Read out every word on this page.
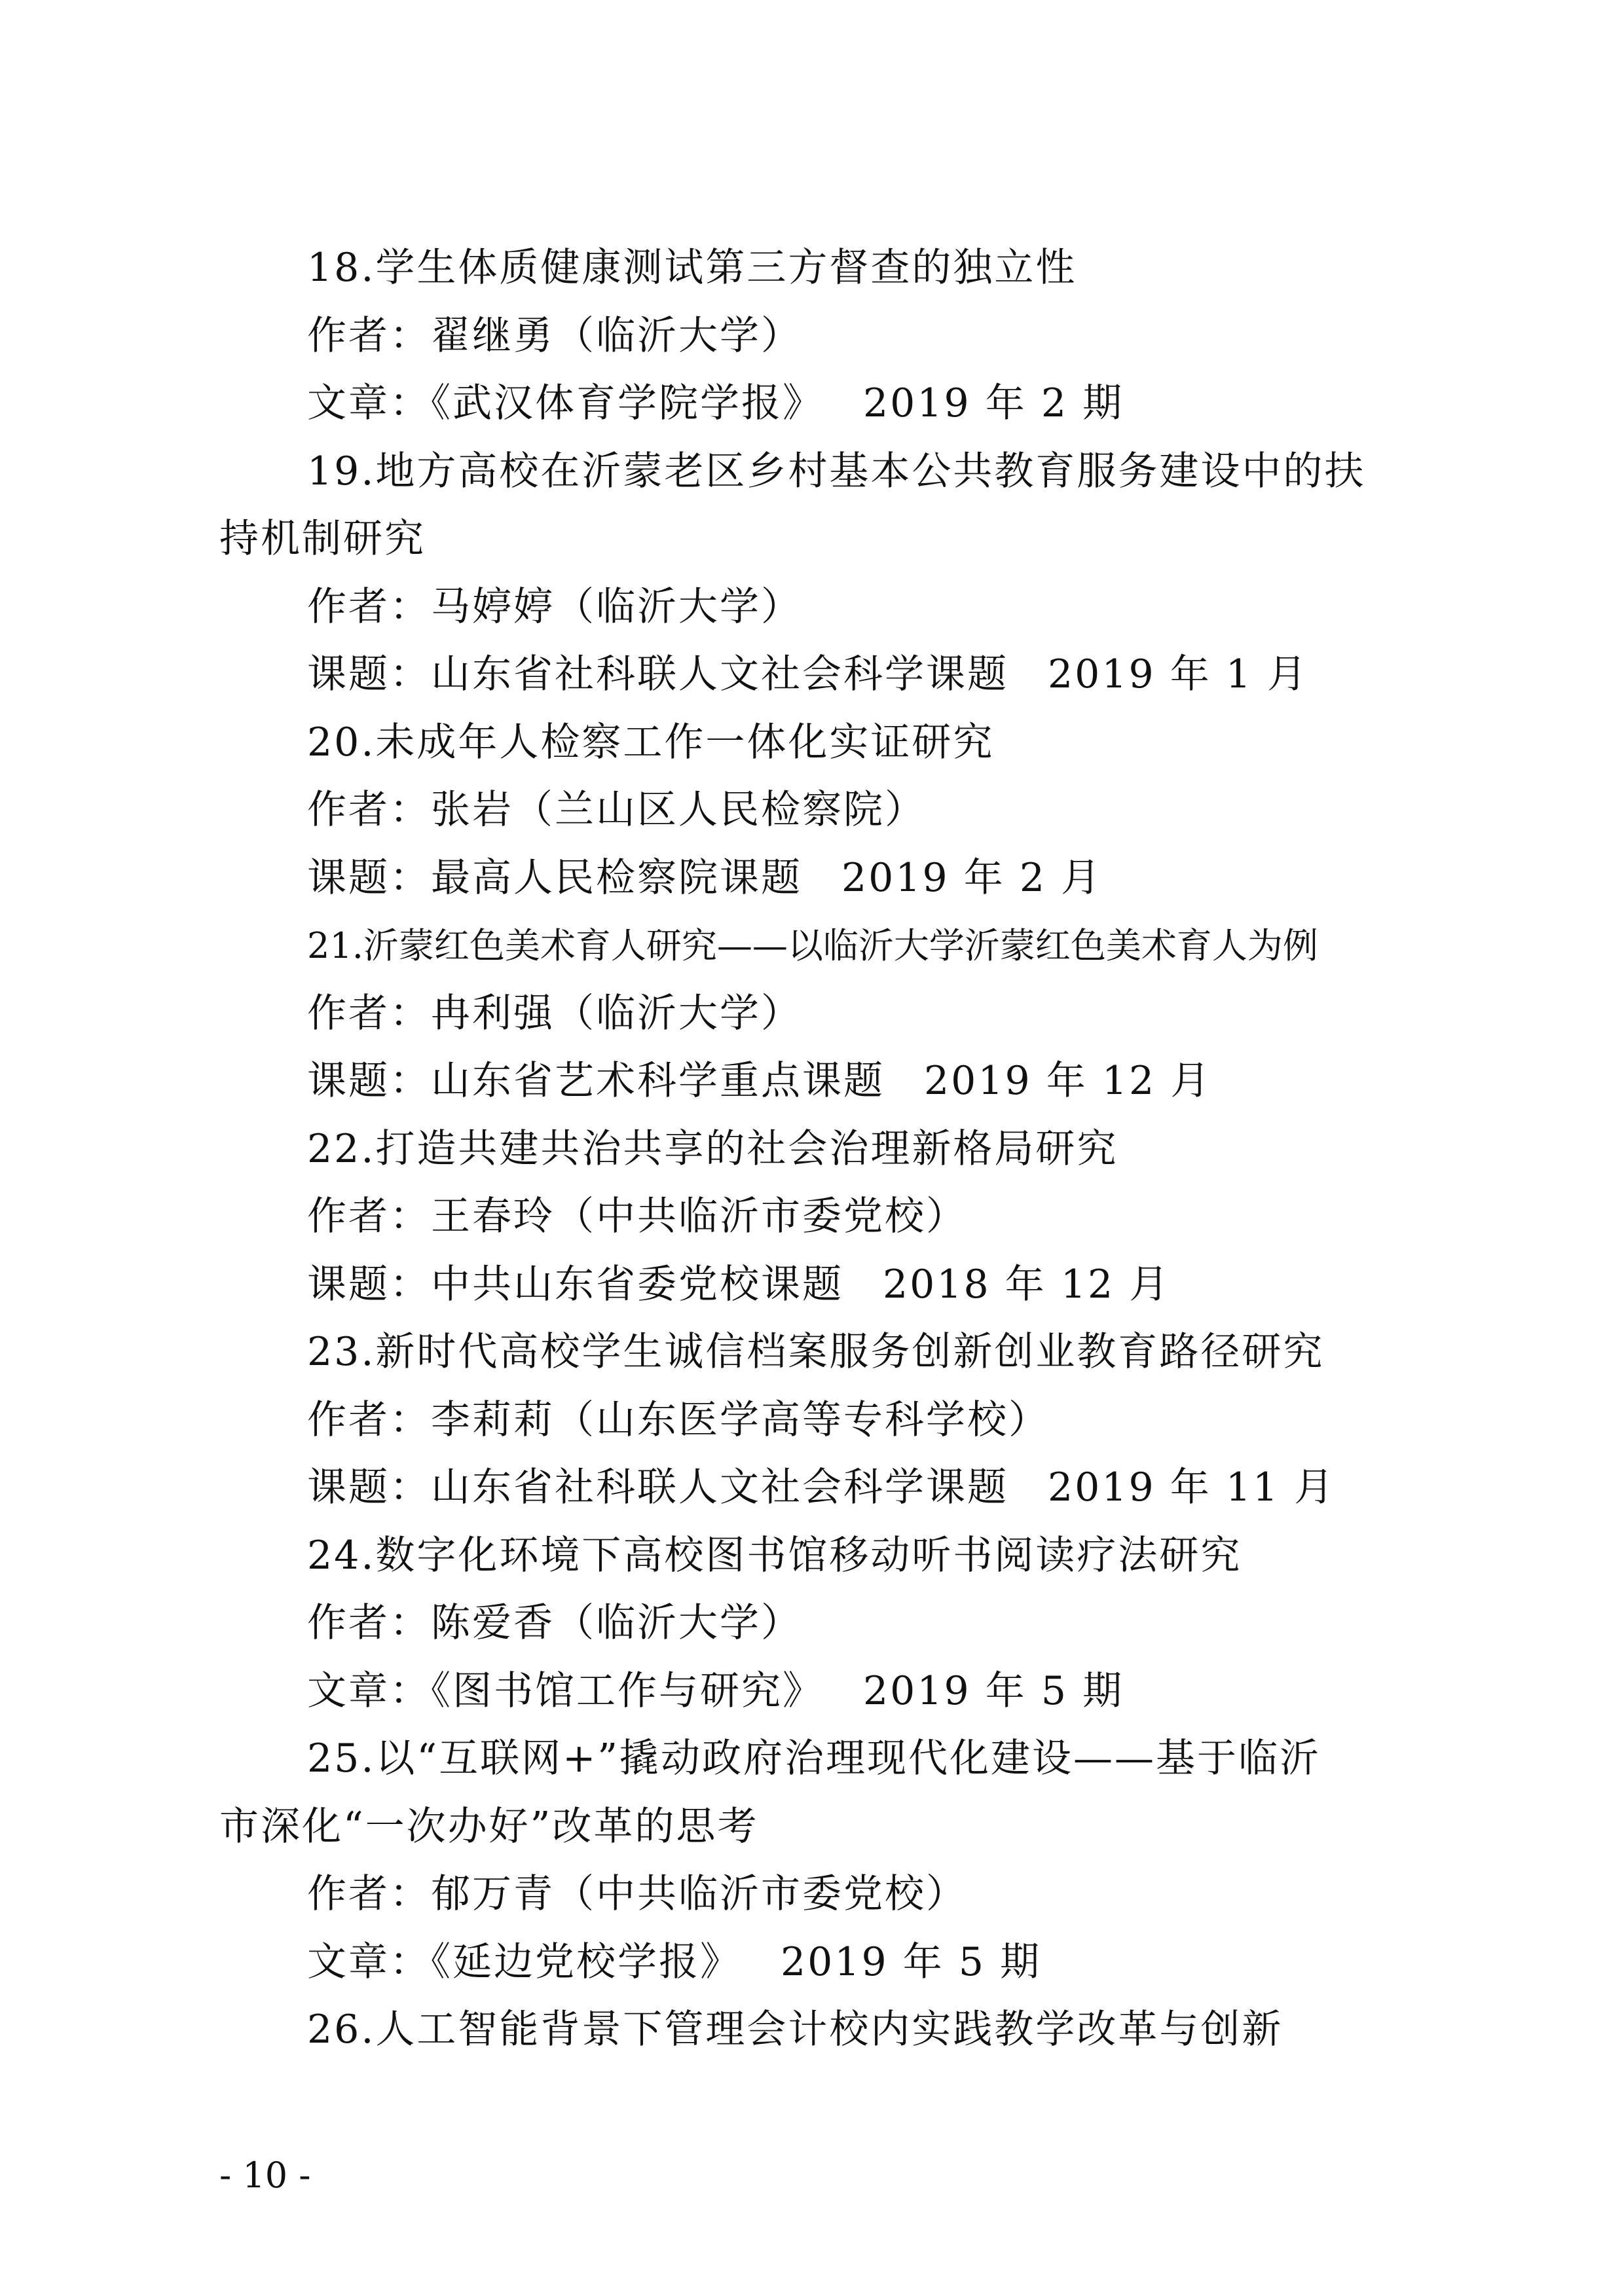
18.学生体质健康测试第三方督查的独立性
作者：翟继勇（临沂大学）
文章：《武汉体育学院学报》 2019 年 2 期
19.地方高校在沂蒙老区乡村基本公共教育服务建设中的扶
持机制研究
作者：马婷婷（临沂大学）
课题：山东省社科联人文社会科学课题 2019 年 1 月
20.未成年人检察工作一体化实证研究
作者：张岩（兰山区人民检察院）
课题：最高人民检察院课题 2019 年 2 月
21.沂蒙红色美术育人研究——以临沂大学沂蒙红色美术育人为例
作者：冉利强（临沂大学）
课题：山东省艺术科学重点课题 2019 年 12 月
22.打造共建共治共享的社会治理新格局研究
作者：王春玲（中共临沂市委党校）
课题：中共山东省委党校课题 2018 年 12 月
23.新时代高校学生诚信档案服务创新创业教育路径研究
作者：李莉莉（山东医学高等专科学校）
课题：山东省社科联人文社会科学课题 2019 年 11 月
24.数字化环境下高校图书馆移动听书阅读疗法研究
作者：陈爱香（临沂大学）
文章：《图书馆工作与研究》 2019 年 5 期
25.以“互联网+”撬动政府治理现代化建设——基于临沂
市深化“一次办好”改革的思考
作者：郁万青（中共临沂市委党校）
文章：《延边党校学报》 2019 年 5 期
26.人工智能背景下管理会计校内实践教学改革与创新
- 10 -
